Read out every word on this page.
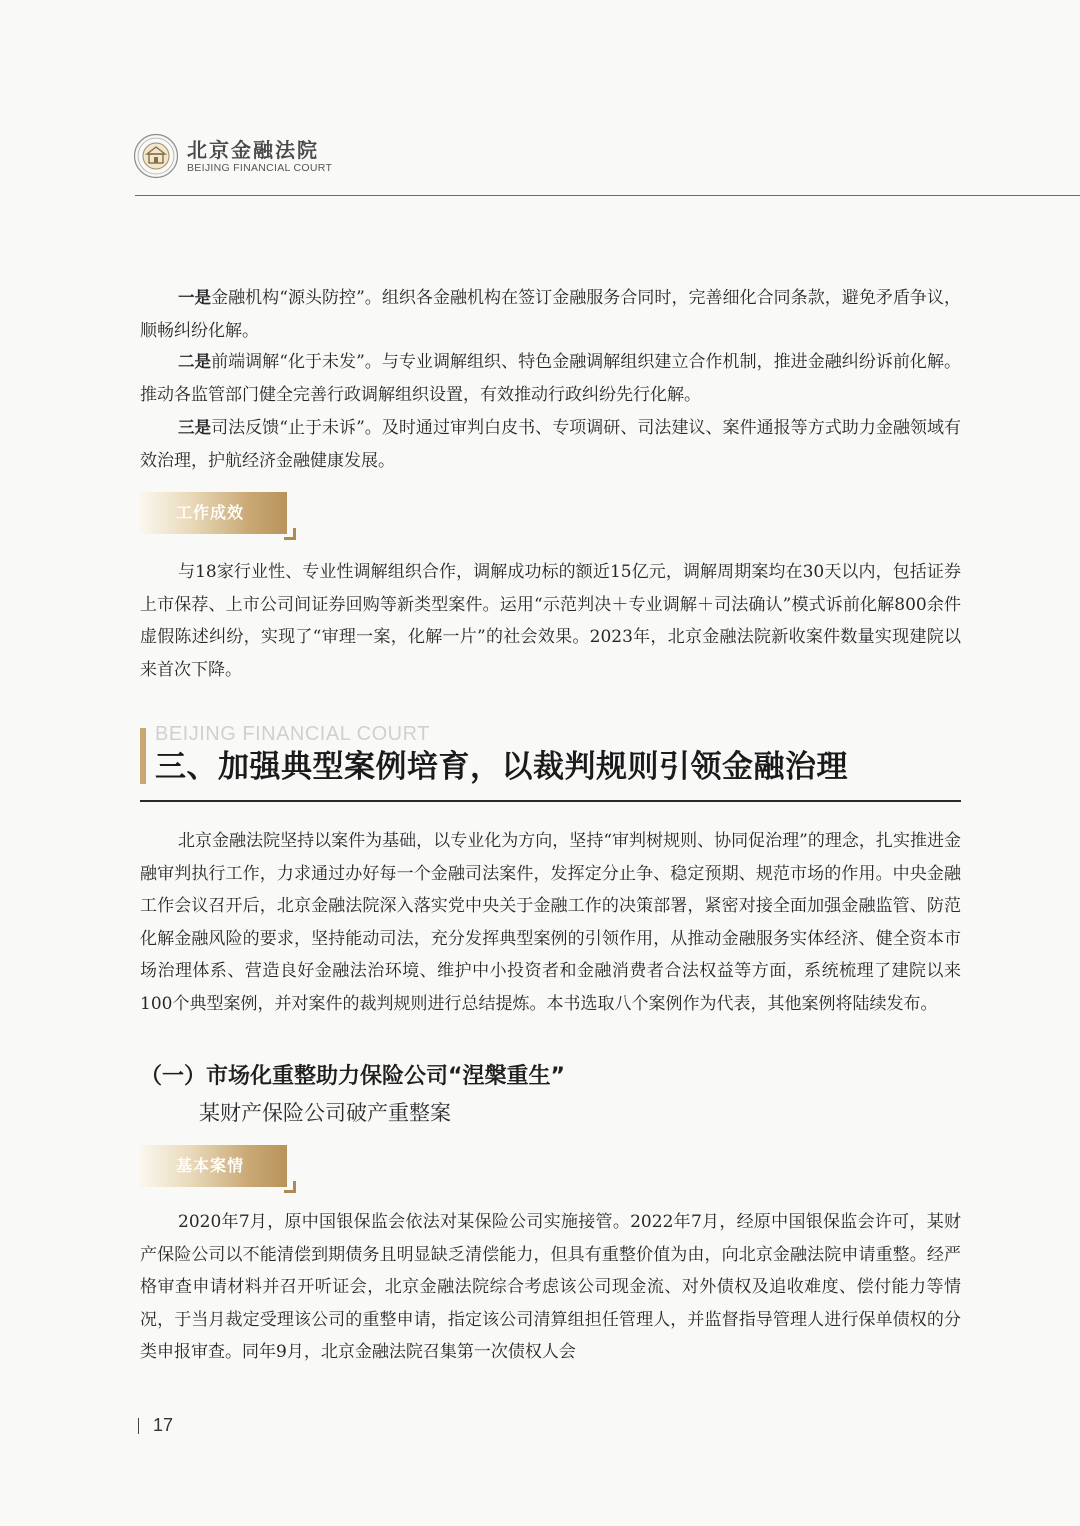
北京金融法院
BEIJING FINANCIAL COURT

一是金融机构“源头防控”。组织各金融机构在签订金融服务合同时，完善细化合同条款，避免矛盾争议，顺畅纠纷化解。

二是前端调解“化于未发”。与专业调解组织、特色金融调解组织建立合作机制，推进金融纠纷诉前化解。推动各监管部门健全完善行政调解组织设置，有效推动行政纠纷先行化解。

三是司法反馈“止于未诉”。及时通过审判白皮书、专项调研、司法建议、案件通报等方式助力金融领域有效治理，护航经济金融健康发展。

工作成效

与18家行业性、专业性调解组织合作，调解成功标的额近15亿元，调解周期案均在30天以内，包括证券上市保荐、上市公司间证券回购等新类型案件。运用“示范判决＋专业调解＋司法确认”模式诉前化解800余件虚假陈述纠纷，实现了“审理一案，化解一片”的社会效果。2023年，北京金融法院新收案件数量实现建院以来首次下降。

BEIJING FINANCIAL COURT
三、加强典型案例培育，以裁判规则引领金融治理

北京金融法院坚持以案件为基础，以专业化为方向，坚持“审判树规则、协同促治理”的理念，扎实推进金融审判执行工作，力求通过办好每一个金融司法案件，发挥定分止争、稳定预期、规范市场的作用。中央金融工作会议召开后，北京金融法院深入落实党中央关于金融工作的决策部署，紧密对接全面加强金融监管、防范化解金融风险的要求，坚持能动司法，充分发挥典型案例的引领作用，从推动金融服务实体经济、健全资本市场治理体系、营造良好金融法治环境、维护中小投资者和金融消费者合法权益等方面，系统梳理了建院以来100个典型案例，并对案件的裁判规则进行总结提炼。本书选取八个案例作为代表，其他案例将陆续发布。

（一）市场化重整助力保险公司“涅槃重生”
某财产保险公司破产重整案
基本案情

2020年7月，原中国银保监会依法对某保险公司实施接管。2022年7月，经原中国银保监会许可，某财产保险公司以不能清偿到期债务且明显缺乏清偿能力，但具有重整价值为由，向北京金融法院申请重整。经严格审查申请材料并召开听证会，北京金融法院综合考虑该公司现金流、对外债权及追收难度、偿付能力等情况，于当月裁定受理该公司的重整申请，指定该公司清算组担任管理人，并监督指导管理人进行保单债权的分类申报审查。同年9月，北京金融法院召集第一次债权人会

17
